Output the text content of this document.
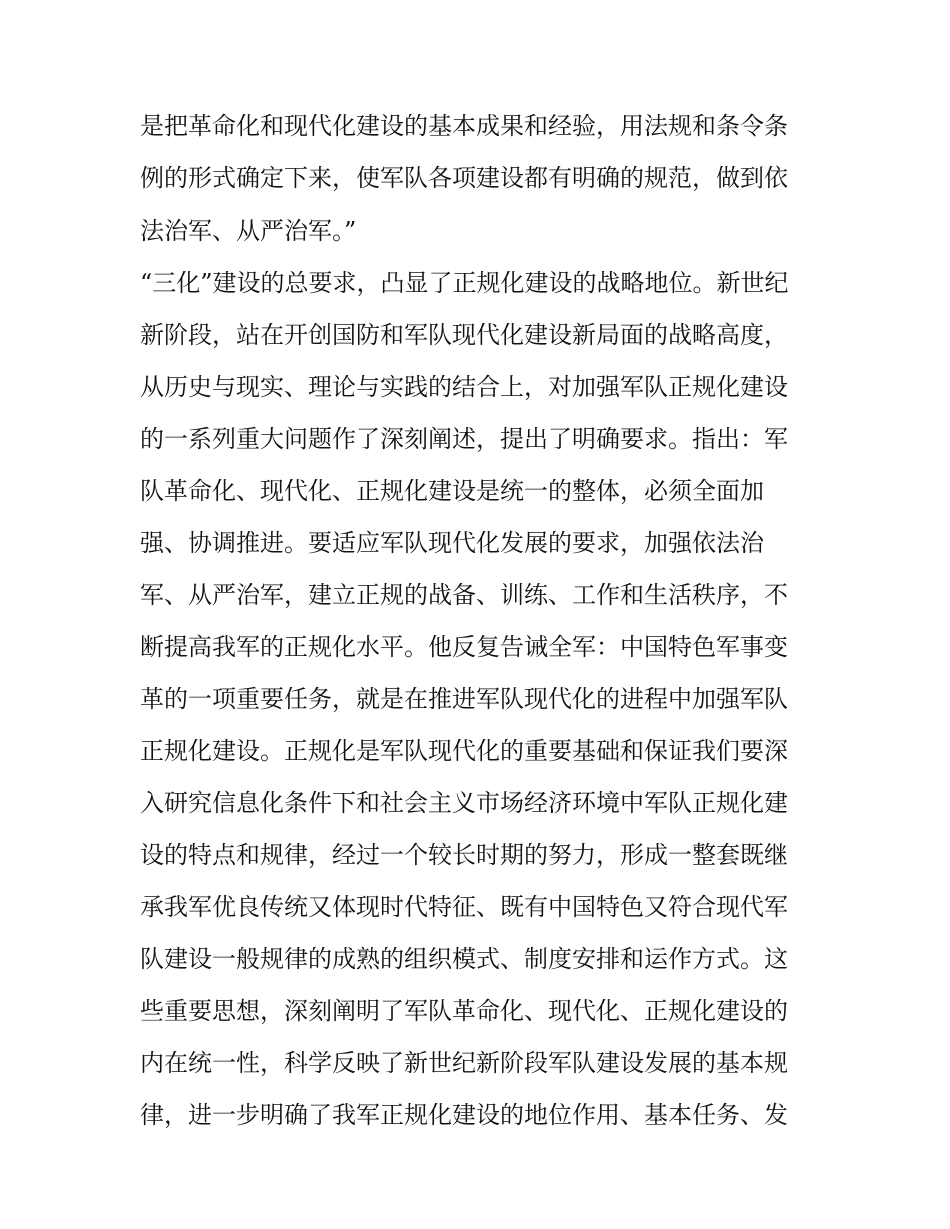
是把革命化和现代化建设的基本成果和经验，用法规和条令条
例的形式确定下来，使军队各项建设都有明确的规范，做到依
法治军、从严治军。”
“三化”建设的总要求，凸显了正规化建设的战略地位。新世纪
新阶段，站在开创国防和军队现代化建设新局面的战略高度，
从历史与现实、理论与实践的结合上，对加强军队正规化建设
的一系列重大问题作了深刻阐述，提出了明确要求。指出：军
队革命化、现代化、正规化建设是统一的整体，必须全面加
强、协调推进。要适应军队现代化发展的要求，加强依法治
军、从严治军，建立正规的战备、训练、工作和生活秩序，不
断提高我军的正规化水平。他反复告诫全军：中国特色军事变
革的一项重要任务，就是在推进军队现代化的进程中加强军队
正规化建设。正规化是军队现代化的重要基础和保证我们要深
入研究信息化条件下和社会主义市场经济环境中军队正规化建
设的特点和规律，经过一个较长时期的努力，形成一整套既继
承我军优良传统又体现时代特征、既有中国特色又符合现代军
队建设一般规律的成熟的组织模式、制度安排和运作方式。这
些重要思想，深刻阐明了军队革命化、现代化、正规化建设的
内在统一性，科学反映了新世纪新阶段军队建设发展的基本规
律，进一步明确了我军正规化建设的地位作用、基本任务、发
